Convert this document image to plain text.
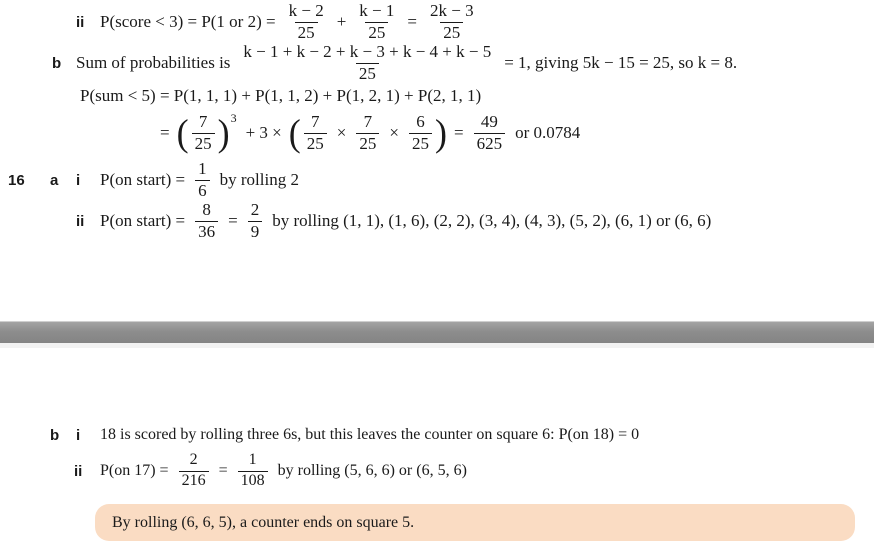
ii P(score < 3) = P(1 or $2) = \frac{k - 2}{25} + \frac{k - 1}{25} = \frac{2k - 3}{25}$
b Sum of probabilities is $\frac{k - 1 + k - 2 + k - 3 + k - 4 + k - 5}{25} = 1$, giving 5k − 15 = 25, so k = 8.
P(sum < 5) = P(1, 1, 1) + P(1, 1, 2) + P(1, 2, 1) + P(2, 1, 1)
= ( $\frac{7}{25}$ ) 3
+ 3 × ( $\frac{7}{25} \times \frac{7}{25} \times \frac{6}{25}$ ) = $\frac{49}{625}$ or 0.0784
16	a	i	P(on start) = $\frac{1}{6}$ by rolling 2
ii P(on start) = $\frac{8}{36} = \frac{2}{9}$ by rolling (1, 1), (1, 6), (2, 2), (3, 4), (4, 3), (5, 2), (6, 1) or (6, 6)
b	i	18 is scored by rolling three 6s, but this leaves the counter on square 6: P(on 18) = 0
ii	P(on $17) = \frac{2}{216} = \frac{1}{108}$ by rolling (5, 6, 6) or (6, 5, 6)
By rolling (6, 6, 5), a counter ends on square 5.
